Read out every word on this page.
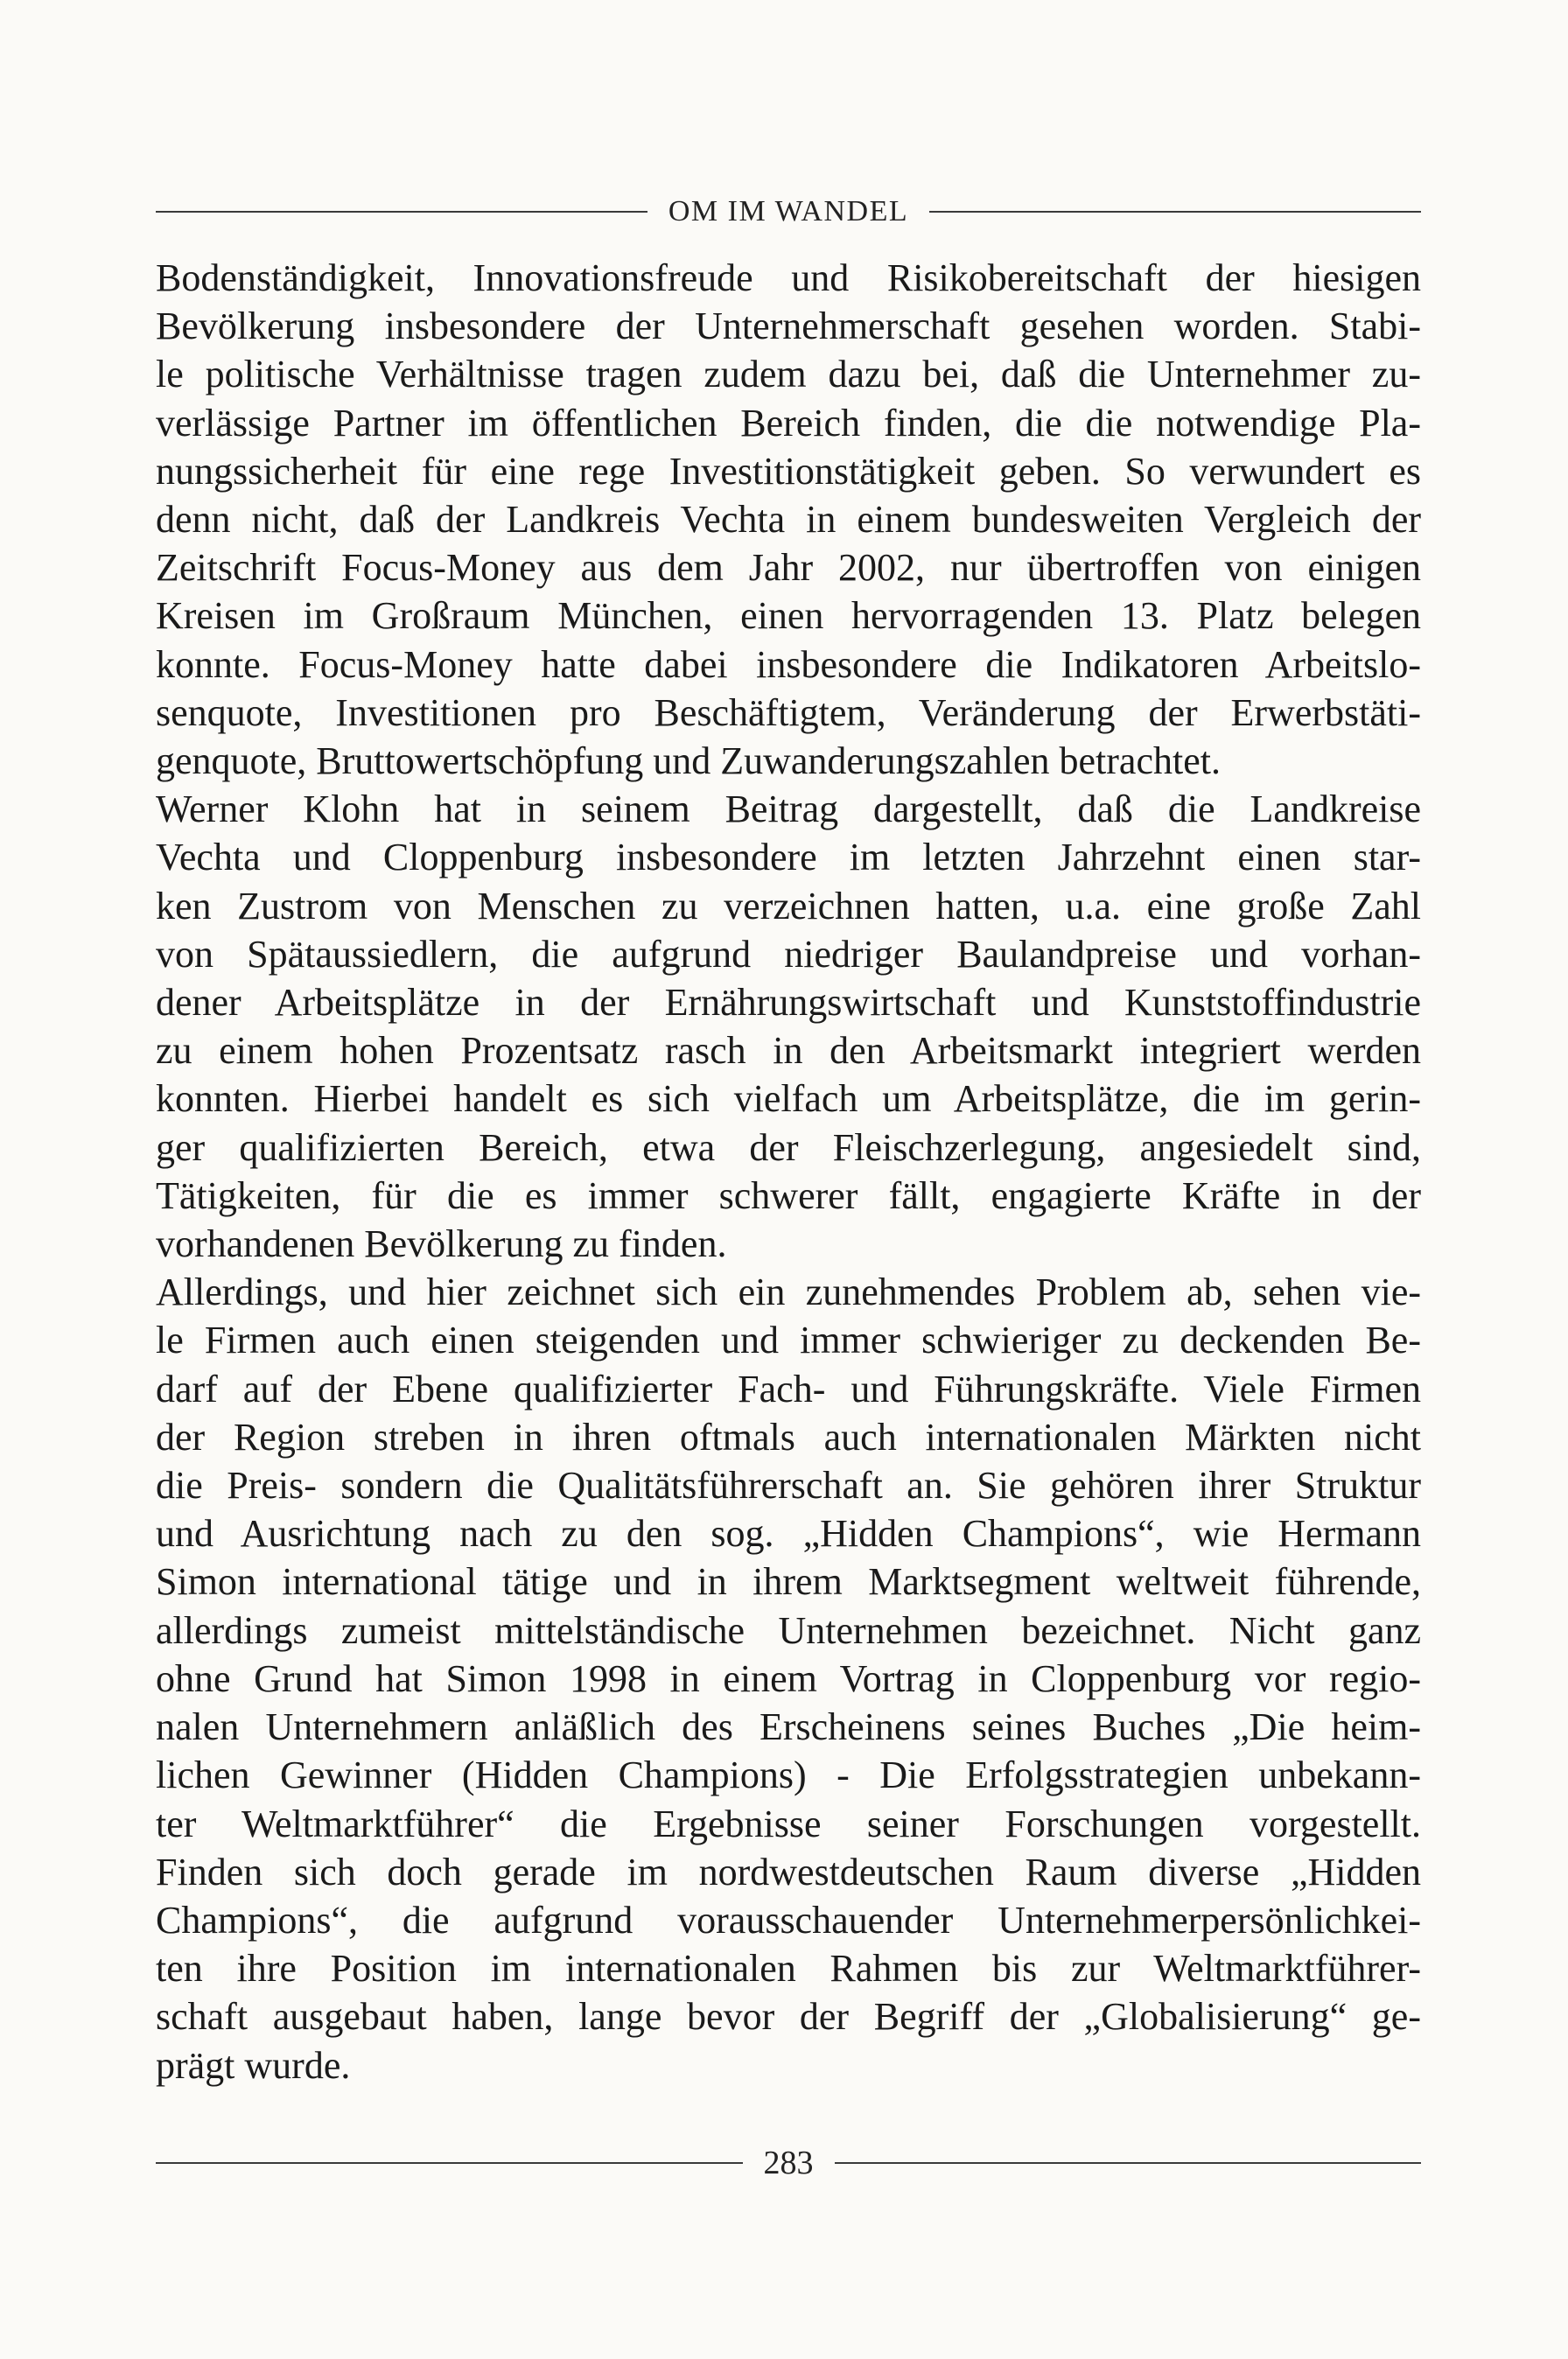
OM IM WANDEL

Bodenständigkeit, Innovationsfreude und Risikobereitschaft der hiesigen
Bevölkerung insbesondere der Unternehmerschaft gesehen worden. Stabi-
le politische Verhältnisse tragen zudem dazu bei, daß die Unternehmer zu-
verlässige Partner im öffentlichen Bereich finden, die die notwendige Pla-
nungssicherheit für eine rege Investitionstätigkeit geben. So verwundert es
denn nicht, daß der Landkreis Vechta in einem bundesweiten Vergleich der
Zeitschrift Focus-Money aus dem Jahr 2002, nur übertroffen von einigen
Kreisen im Großraum München, einen hervorragenden 13. Platz belegen
konnte. Focus-Money hatte dabei insbesondere die Indikatoren Arbeitslo-
senquote, Investitionen pro Beschäftigtem, Veränderung der Erwerbstäti-
genquote, Bruttowertschöpfung und Zuwanderungszahlen betrachtet.

Werner Klohn hat in seinem Beitrag dargestellt, daß die Landkreise
Vechta und Cloppenburg insbesondere im letzten Jahrzehnt einen star-
ken Zustrom von Menschen zu verzeichnen hatten, u.a. eine große Zahl
von Spätaussiedlern, die aufgrund niedriger Baulandpreise und vorhan-
dener Arbeitsplätze in der Ernährungswirtschaft und Kunststoffindustrie
zu einem hohen Prozentsatz rasch in den Arbeitsmarkt integriert werden
konnten. Hierbei handelt es sich vielfach um Arbeitsplätze, die im gerin-
ger qualifizierten Bereich, etwa der Fleischzerlegung, angesiedelt sind,
Tätigkeiten, für die es immer schwerer fällt, engagierte Kräfte in der
vorhandenen Bevölkerung zu finden.

Allerdings, und hier zeichnet sich ein zunehmendes Problem ab, sehen vie-
le Firmen auch einen steigenden und immer schwieriger zu deckenden Be-
darf auf der Ebene qualifizierter Fach- und Führungskräfte. Viele Firmen
der Region streben in ihren oftmals auch internationalen Märkten nicht
die Preis- sondern die Qualitätsführerschaft an. Sie gehören ihrer Struktur
und Ausrichtung nach zu den sog. „Hidden Champions“, wie Hermann
Simon international tätige und in ihrem Marktsegment weltweit führende,
allerdings zumeist mittelständische Unternehmen bezeichnet. Nicht ganz
ohne Grund hat Simon 1998 in einem Vortrag in Cloppenburg vor regio-
nalen Unternehmern anläßlich des Erscheinens seines Buches „Die heim-
lichen Gewinner (Hidden Champions) - Die Erfolgsstrategien unbekann-
ter Weltmarktführer“ die Ergebnisse seiner Forschungen vorgestellt.
Finden sich doch gerade im nordwestdeutschen Raum diverse „Hidden
Champions“, die aufgrund vorausschauender Unternehmerpersönlichkei-
ten ihre Position im internationalen Rahmen bis zur Weltmarktführer-
schaft ausgebaut haben, lange bevor der Begriff der „Globalisierung“ ge-
prägt wurde.

283
